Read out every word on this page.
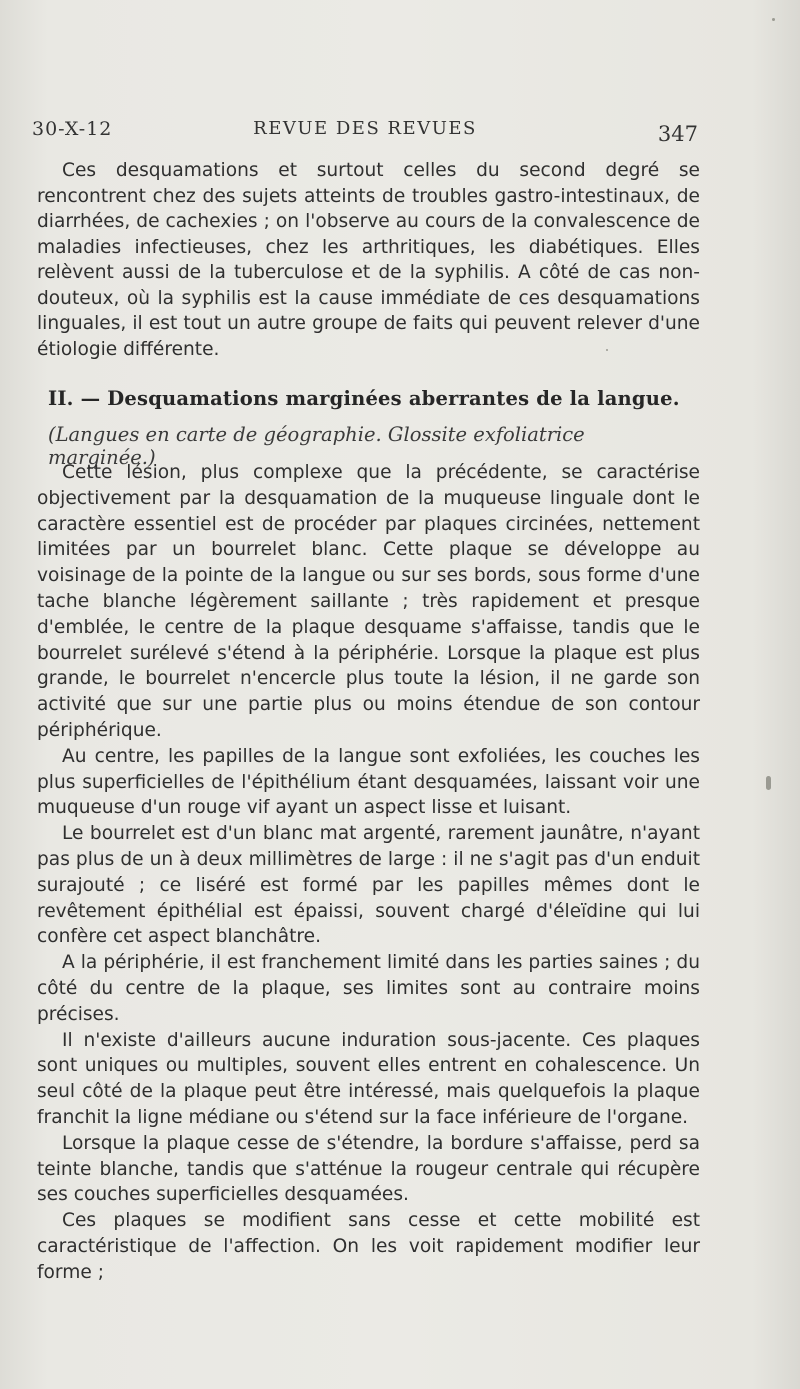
30-X-12	REVUE DES REVUES	347

Ces desquamations et surtout celles du second degré se rencontrent chez des sujets atteints de troubles gastro-intestinaux, de diarrhées, de cachexies ; on l'observe au cours de la convalescence de maladies infectieuses, chez les arthritiques, les diabétiques. Elles relèvent aussi de la tuberculose et de la syphilis. A côté de cas non-douteux, où la syphilis est la cause immédiate de ces desquamations linguales, il est tout un autre groupe de faits qui peuvent relever d'une étiologie différente.

II. — Desquamations marginées aberrantes de la langue.
(Langues en carte de géographie. Glossite exfoliatrice marginée.)

Cette lésion, plus complexe que la précédente, se caractérise objectivement par la desquamation de la muqueuse linguale dont le caractère essentiel est de procéder par plaques circinées, nettement limitées par un bourrelet blanc. Cette plaque se développe au voisinage de la pointe de la langue ou sur ses bords, sous forme d'une tache blanche légèrement saillante ; très rapidement et presque d'emblée, le centre de la plaque desquame s'affaisse, tandis que le bourrelet surélevé s'étend à la périphérie. Lorsque la plaque est plus grande, le bourrelet n'encercle plus toute la lésion, il ne garde son activité que sur une partie plus ou moins étendue de son contour périphérique.

Au centre, les papilles de la langue sont exfoliées, les couches les plus superficielles de l'épithélium étant desquamées, laissant voir une muqueuse d'un rouge vif ayant un aspect lisse et luisant.

Le bourrelet est d'un blanc mat argenté, rarement jaunâtre, n'ayant pas plus de un à deux millimètres de large : il ne s'agit pas d'un enduit surajouté ; ce liséré est formé par les papilles mêmes dont le revêtement épithélial est épaissi, souvent chargé d'éleïdine qui lui confère cet aspect blanchâtre.

A la périphérie, il est franchement limité dans les parties saines ; du côté du centre de la plaque, ses limites sont au contraire moins précises.

Il n'existe d'ailleurs aucune induration sous-jacente. Ces plaques sont uniques ou multiples, souvent elles entrent en cohalescence. Un seul côté de la plaque peut être intéressé, mais quelquefois la plaque franchit la ligne médiane ou s'étend sur la face inférieure de l'organe.

Lorsque la plaque cesse de s'étendre, la bordure s'affaisse, perd sa teinte blanche, tandis que s'atténue la rougeur centrale qui récupère ses couches superficielles desquamées.

Ces plaques se modifient sans cesse et cette mobilité est caractéristique de l'affection. On les voit rapidement modifier leur forme ;
